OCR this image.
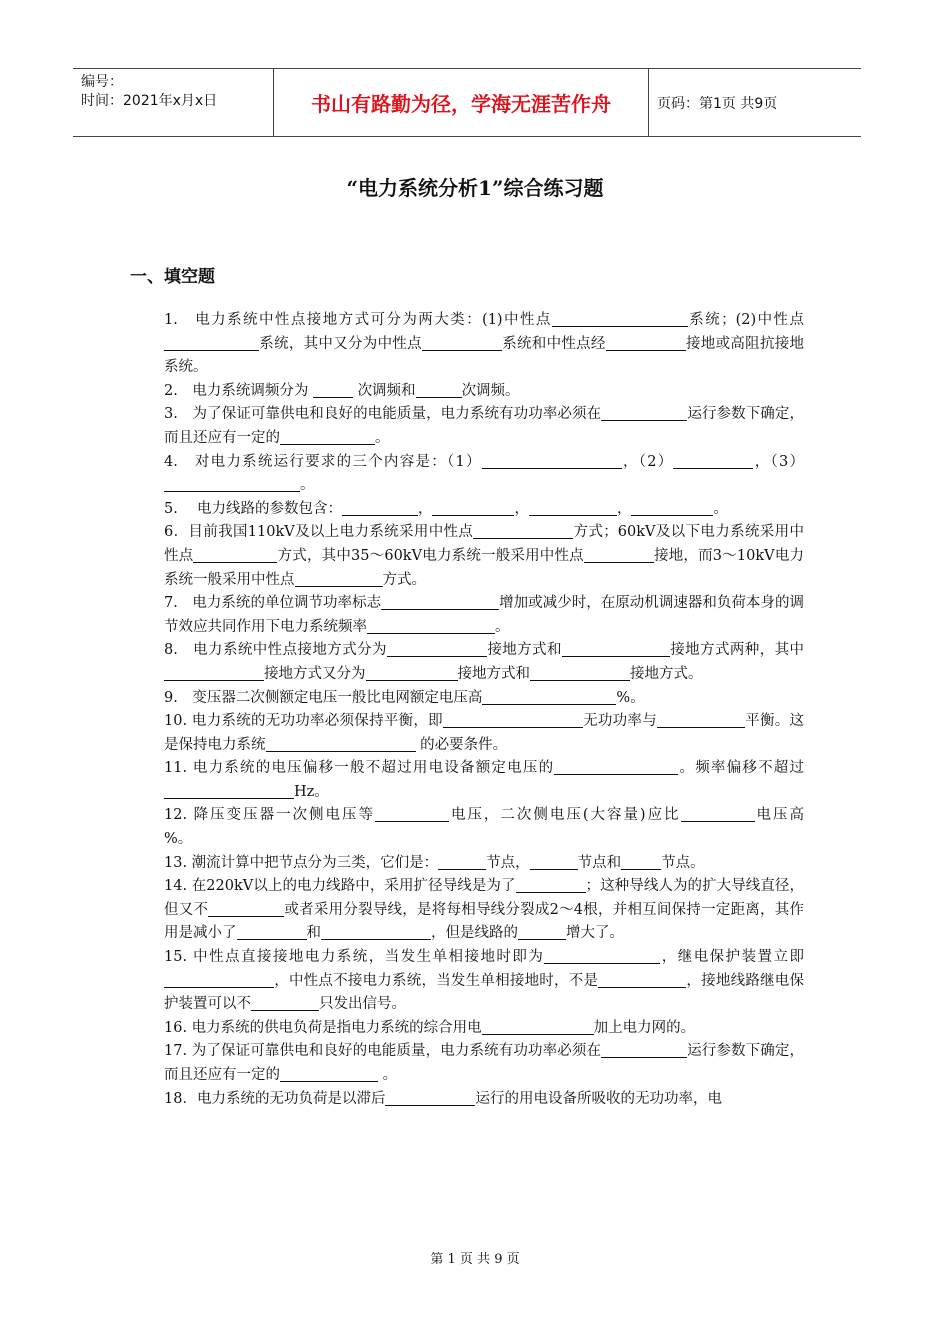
编号：
时间：2021年x月x日	书山有路勤为径，学海无涯苦作舟	页码：第1页 共9页
“电力系统分析1”综合练习题
一、填空题

1.　电力系统中性点接地方式可分为两大类：(1)中性点	系统；(2)中性点系统，其中又分为中性点	系统和中性点经	接地或高阻抗接地系统。

2.　电力系统调频分为	次调频和	次调频。

3.　为了保证可靠供电和良好的电能质量，电力系统有功功率必须在	运行参数下确定，而且还应有一定的	。

4.　对电力系统运行要求的三个内容是：（1）	，（2）	，（3）。

5.　 电力线路的参数包含：	，	，	，	。

6．目前我国110kV及以上电力系统采用中性点	方式；60kV及以下电力系统采用中性点	方式，其中35～60kV电力系统一般采用中性点	接地，而3～10kV电力系统一般采用中性点	方式。

7.　电力系统的单位调节功率标志	增加或减少时，在原动机调速器和负荷本身的调节效应共同作用下电力系统频率	。

8.　电力系统中性点接地方式分为	接地方式和	接地方式两种，其中接地方式又分为	接地方式和	接地方式。

9.　变压器二次侧额定电压一般比电网额定电压高	%。

10. 电力系统的无功功率必须保持平衡，即	无功功率与	平衡。这是保持电力系统	的必要条件。

11. 电力系统的电压偏移一般不超过用电设备额定电压的	。频率偏移不超过Hz。

12. 降压变压器一次侧电压等	电压，二次侧电压(大容量)应比	电压高　　　　%。

13. 潮流计算中把节点分为三类，它们是：	节点，	节点和	节点。

14. 在220kV以上的电力线路中，采用扩径导线是为了	；这种导线人为的扩大导线直径，但又不	或者采用分裂导线，是将每相导线分裂成2～4根，并相互间保持一定距离，其作用是减小了	和	，但是线路的	增大了。

15. 中性点直接接地电力系统，当发生单相接地时即为	，继电保护装置立即，中性点不接电力系统，当发生单相接地时，不是	，接地线路继电保护装置可以不	只发出信号。

16. 电力系统的供电负荷是指电力系统的综合用电	加上电力网的。

17. 为了保证可靠供电和良好的电能质量，电力系统有功功率必须在	运行参数下确定，而且还应有一定的	。

18．电力系统的无功负荷是以滞后	运行的用电设备所吸收的无功功率，电

第 1 页 共 9 页
